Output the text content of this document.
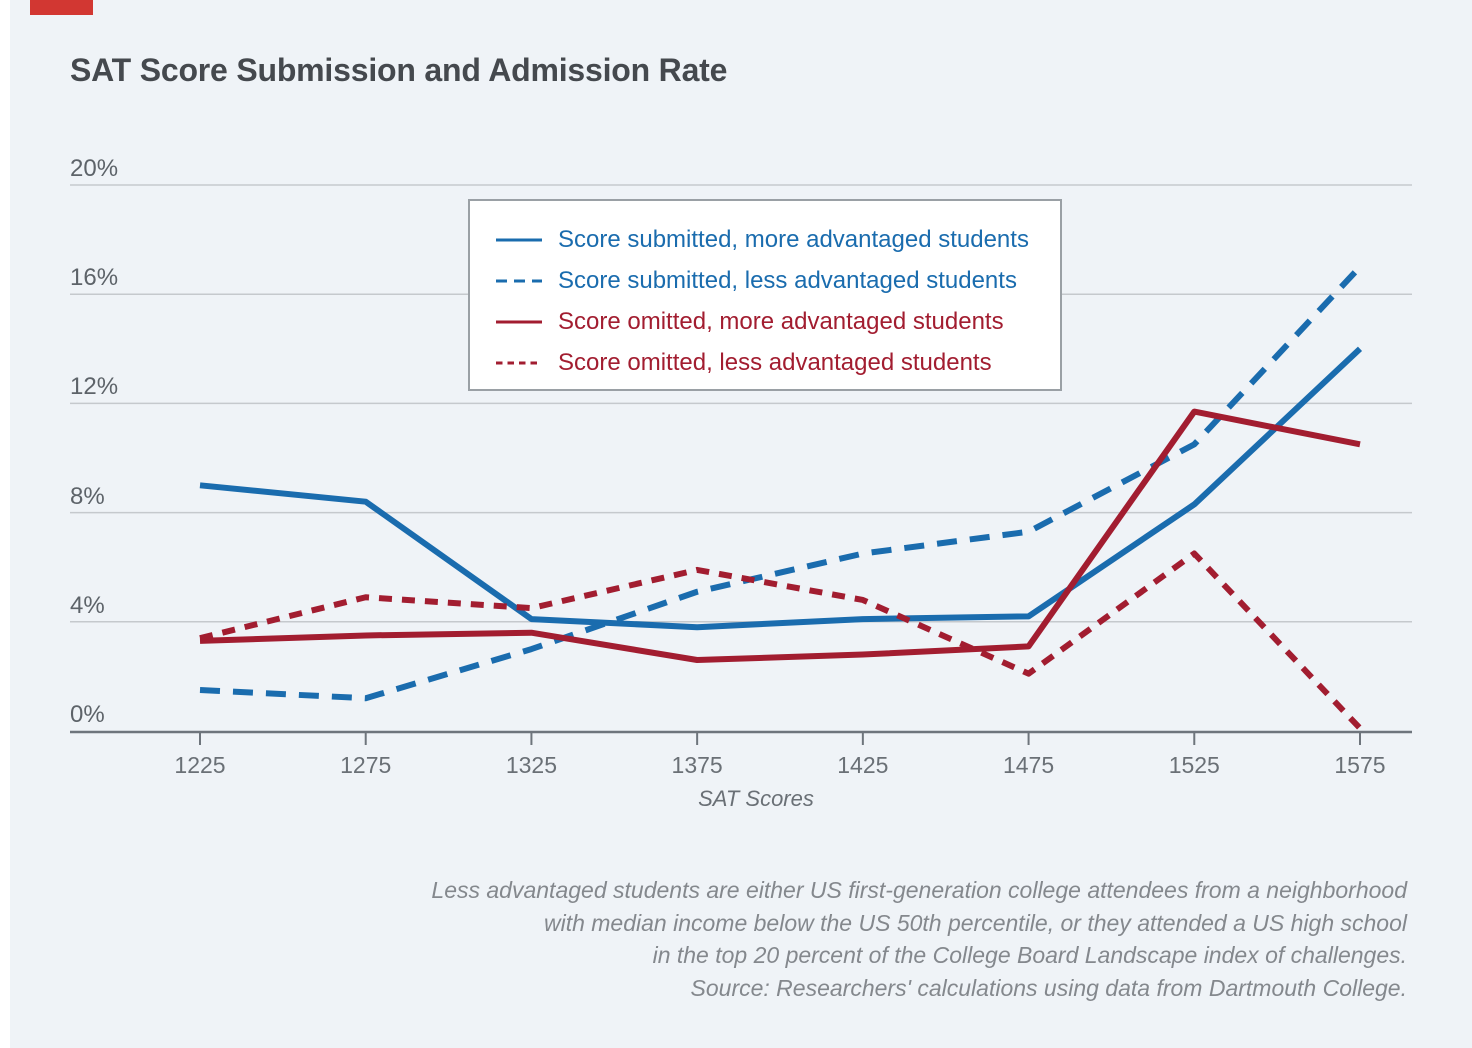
SAT Score Submission and Admission Rate
Score submitted, more advantaged students
Score submitted, less advantaged students
Score omitted, more advantaged students
Score omitted, less advantaged students
SAT Scores
Less advantaged students are either US first-generation college attendees from a neighborhood
with median income below the US 50th percentile, or they attended a US high school
in the top 20 percent of the College Board Landscape index of challenges.
Source: Researchers' calculations using data from Dartmouth College.
0%
4%
8%
12%
16%
20%
1225	1275	1325	1375	1425	1475	1525	1575
